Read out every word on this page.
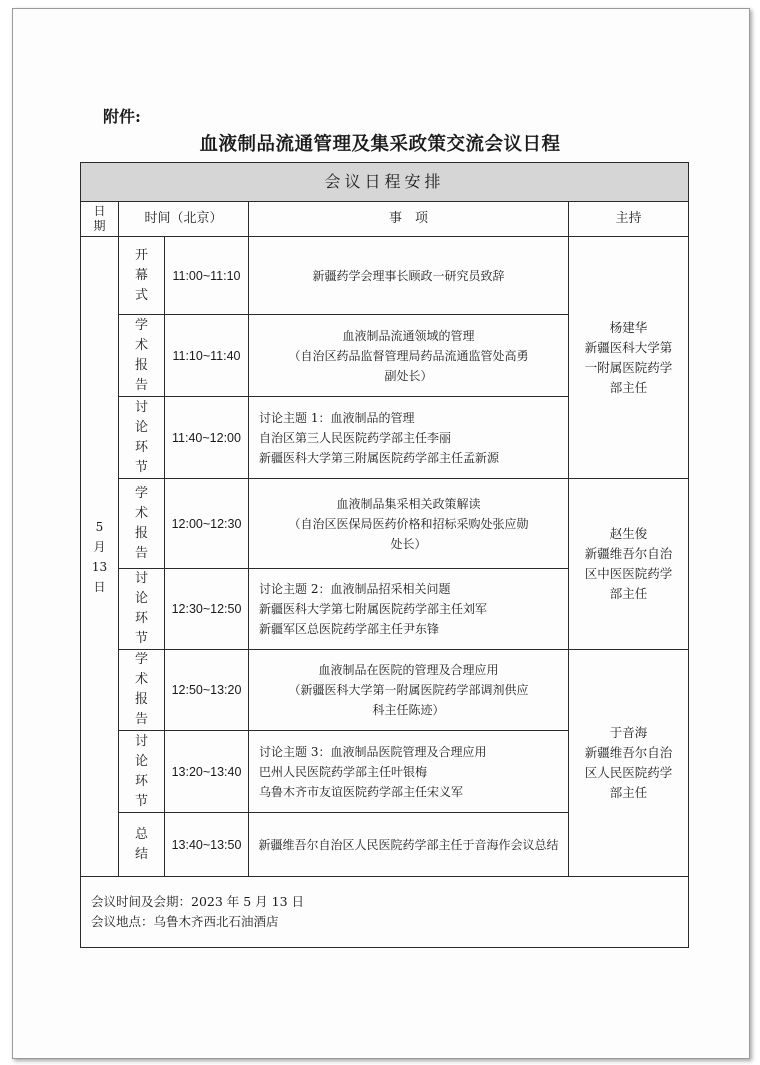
附件:
血液制品流通管理及集采政策交流会议日程
会议日程安排				

日
期	时间（北京）		事　项	主持

5
月
13
日	开
幕
式	11:00~11:10	新疆药学会理事长顾政一研究员致辞	杨建华
新疆医科大学第
一附属医院药学
部主任

	学
术
报
告	11:10~11:40	血液制品流通领域的管理
（自治区药品监督管理局药品流通监管处高勇
副处长）	

	讨
论
环
节	11:40~12:00	讨论主题 1：血液制品的管理
自治区第三人民医院药学部主任李丽
新疆医科大学第三附属医院药学部主任孟新源	

	学
术
报
告	12:00~12:30	血液制品集采相关政策解读
（自治区医保局医药价格和招标采购处张应勋
处长）	赵生俊
新疆维吾尔自治
区中医医院药学
部主任

	讨
论
环
节	12:30~12:50	讨论主题 2：血液制品招采相关问题
新疆医科大学第七附属医院药学部主任刘军
新疆军区总医院药学部主任尹东锋	

	学
术
报
告	12:50~13:20	血液制品在医院的管理及合理应用
（新疆医科大学第一附属医院药学部调剂供应
科主任陈迹）	于音海
新疆维吾尔自治
区人民医院药学
部主任

	讨
论
环
节	13:20~13:40	讨论主题 3：血液制品医院管理及合理应用
巴州人民医院药学部主任叶银梅
乌鲁木齐市友谊医院药学部主任宋义军	

	总
结	13:40~13:50	新疆维吾尔自治区人民医院药学部主任于音海作会议总结	

会议时间及会期：2023 年 5 月 13 日
会议地点：乌鲁木齐西北石油酒店				
